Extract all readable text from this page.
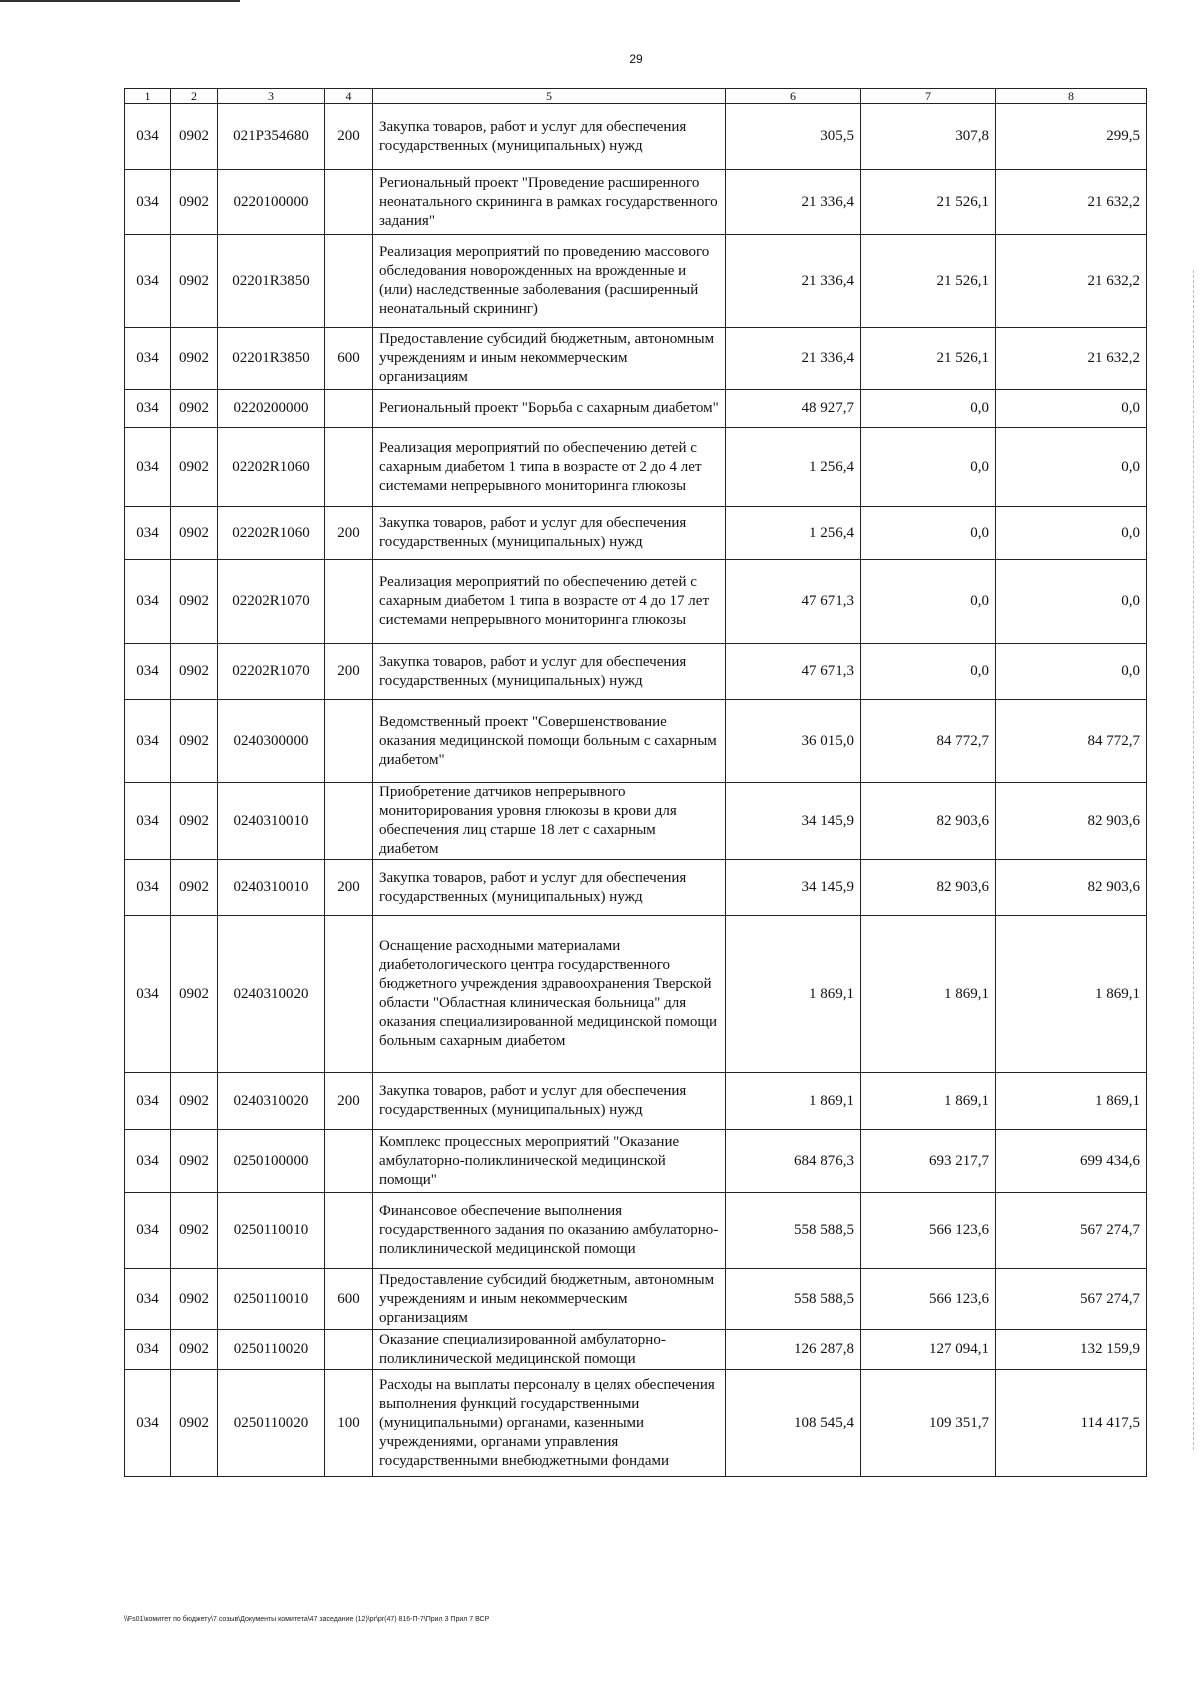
29
1	2	3	4	5	6	7	8
034	0902	021P354680	200	Закупка товаров, работ и услуг для обеспечения государственных (муниципальных) нужд	305,5	307,8	299,5
034	0902	0220100000		Региональный проект "Проведение расширенного неонатального скрининга в рамках государственного задания"	21 336,4	21 526,1	21 632,2
034	0902	02201R3850		Реализация мероприятий по проведению массового обследования новорожденных на врожденные и (или) наследственные заболевания (расширенный неонатальный скрининг)	21 336,4	21 526,1	21 632,2
034	0902	02201R3850	600	Предоставление субсидий бюджетным, автономным учреждениям и иным некоммерческим организациям	21 336,4	21 526,1	21 632,2
034	0902	0220200000		Региональный проект "Борьба с сахарным диабетом"	48 927,7	0,0	0,0
034	0902	02202R1060		Реализация мероприятий по обеспечению детей с сахарным диабетом 1 типа в возрасте от 2 до 4 лет системами непрерывного мониторинга глюкозы	1 256,4	0,0	0,0
034	0902	02202R1060	200	Закупка товаров, работ и услуг для обеспечения государственных (муниципальных) нужд	1 256,4	0,0	0,0
034	0902	02202R1070		Реализация мероприятий по обеспечению детей с сахарным диабетом 1 типа в возрасте от 4 до 17 лет системами непрерывного мониторинга глюкозы	47 671,3	0,0	0,0
034	0902	02202R1070	200	Закупка товаров, работ и услуг для обеспечения государственных (муниципальных) нужд	47 671,3	0,0	0,0
034	0902	0240300000		Ведомственный проект "Совершенствование оказания медицинской помощи больным с сахарным диабетом"	36 015,0	84 772,7	84 772,7
034	0902	0240310010		Приобретение датчиков непрерывного мониторирования уровня глюкозы в крови для обеспечения лиц старше 18 лет с сахарным диабетом	34 145,9	82 903,6	82 903,6
034	0902	0240310010	200	Закупка товаров, работ и услуг для обеспечения государственных (муниципальных) нужд	34 145,9	82 903,6	82 903,6
034	0902	0240310020		Оснащение расходными материалами диабетологического центра государственного бюджетного учреждения здравоохранения Тверской области "Областная клиническая больница" для оказания специализированной медицинской помощи больным сахарным диабетом	1 869,1	1 869,1	1 869,1
034	0902	0240310020	200	Закупка товаров, работ и услуг для обеспечения государственных (муниципальных) нужд	1 869,1	1 869,1	1 869,1
034	0902	0250100000		Комплекс процессных мероприятий "Оказание амбулаторно-поликлинической медицинской помощи"	684 876,3	693 217,7	699 434,6
034	0902	0250110010		Финансовое обеспечение выполнения государственного задания по оказанию амбулаторно-поликлинической медицинской помощи	558 588,5	566 123,6	567 274,7
034	0902	0250110010	600	Предоставление субсидий бюджетным, автономным учреждениям и иным некоммерческим организациям	558 588,5	566 123,6	567 274,7
034	0902	0250110020		Оказание специализированной амбулаторно-поликлинической медицинской помощи	126 287,8	127 094,1	132 159,9
034	0902	0250110020	100	Расходы на выплаты персоналу в целях обеспечения выполнения функций государственными (муниципальными) органами, казенными учреждениями, органами управления государственными внебюджетными фондами	108 545,4	109 351,7	114 417,5
\\Fs01\комитет по бюджету\7 созыв\Документы комитета\47 заседание (12)\pr\pr(47) 816-П-7\Прил 3 Прил 7 ВСР
